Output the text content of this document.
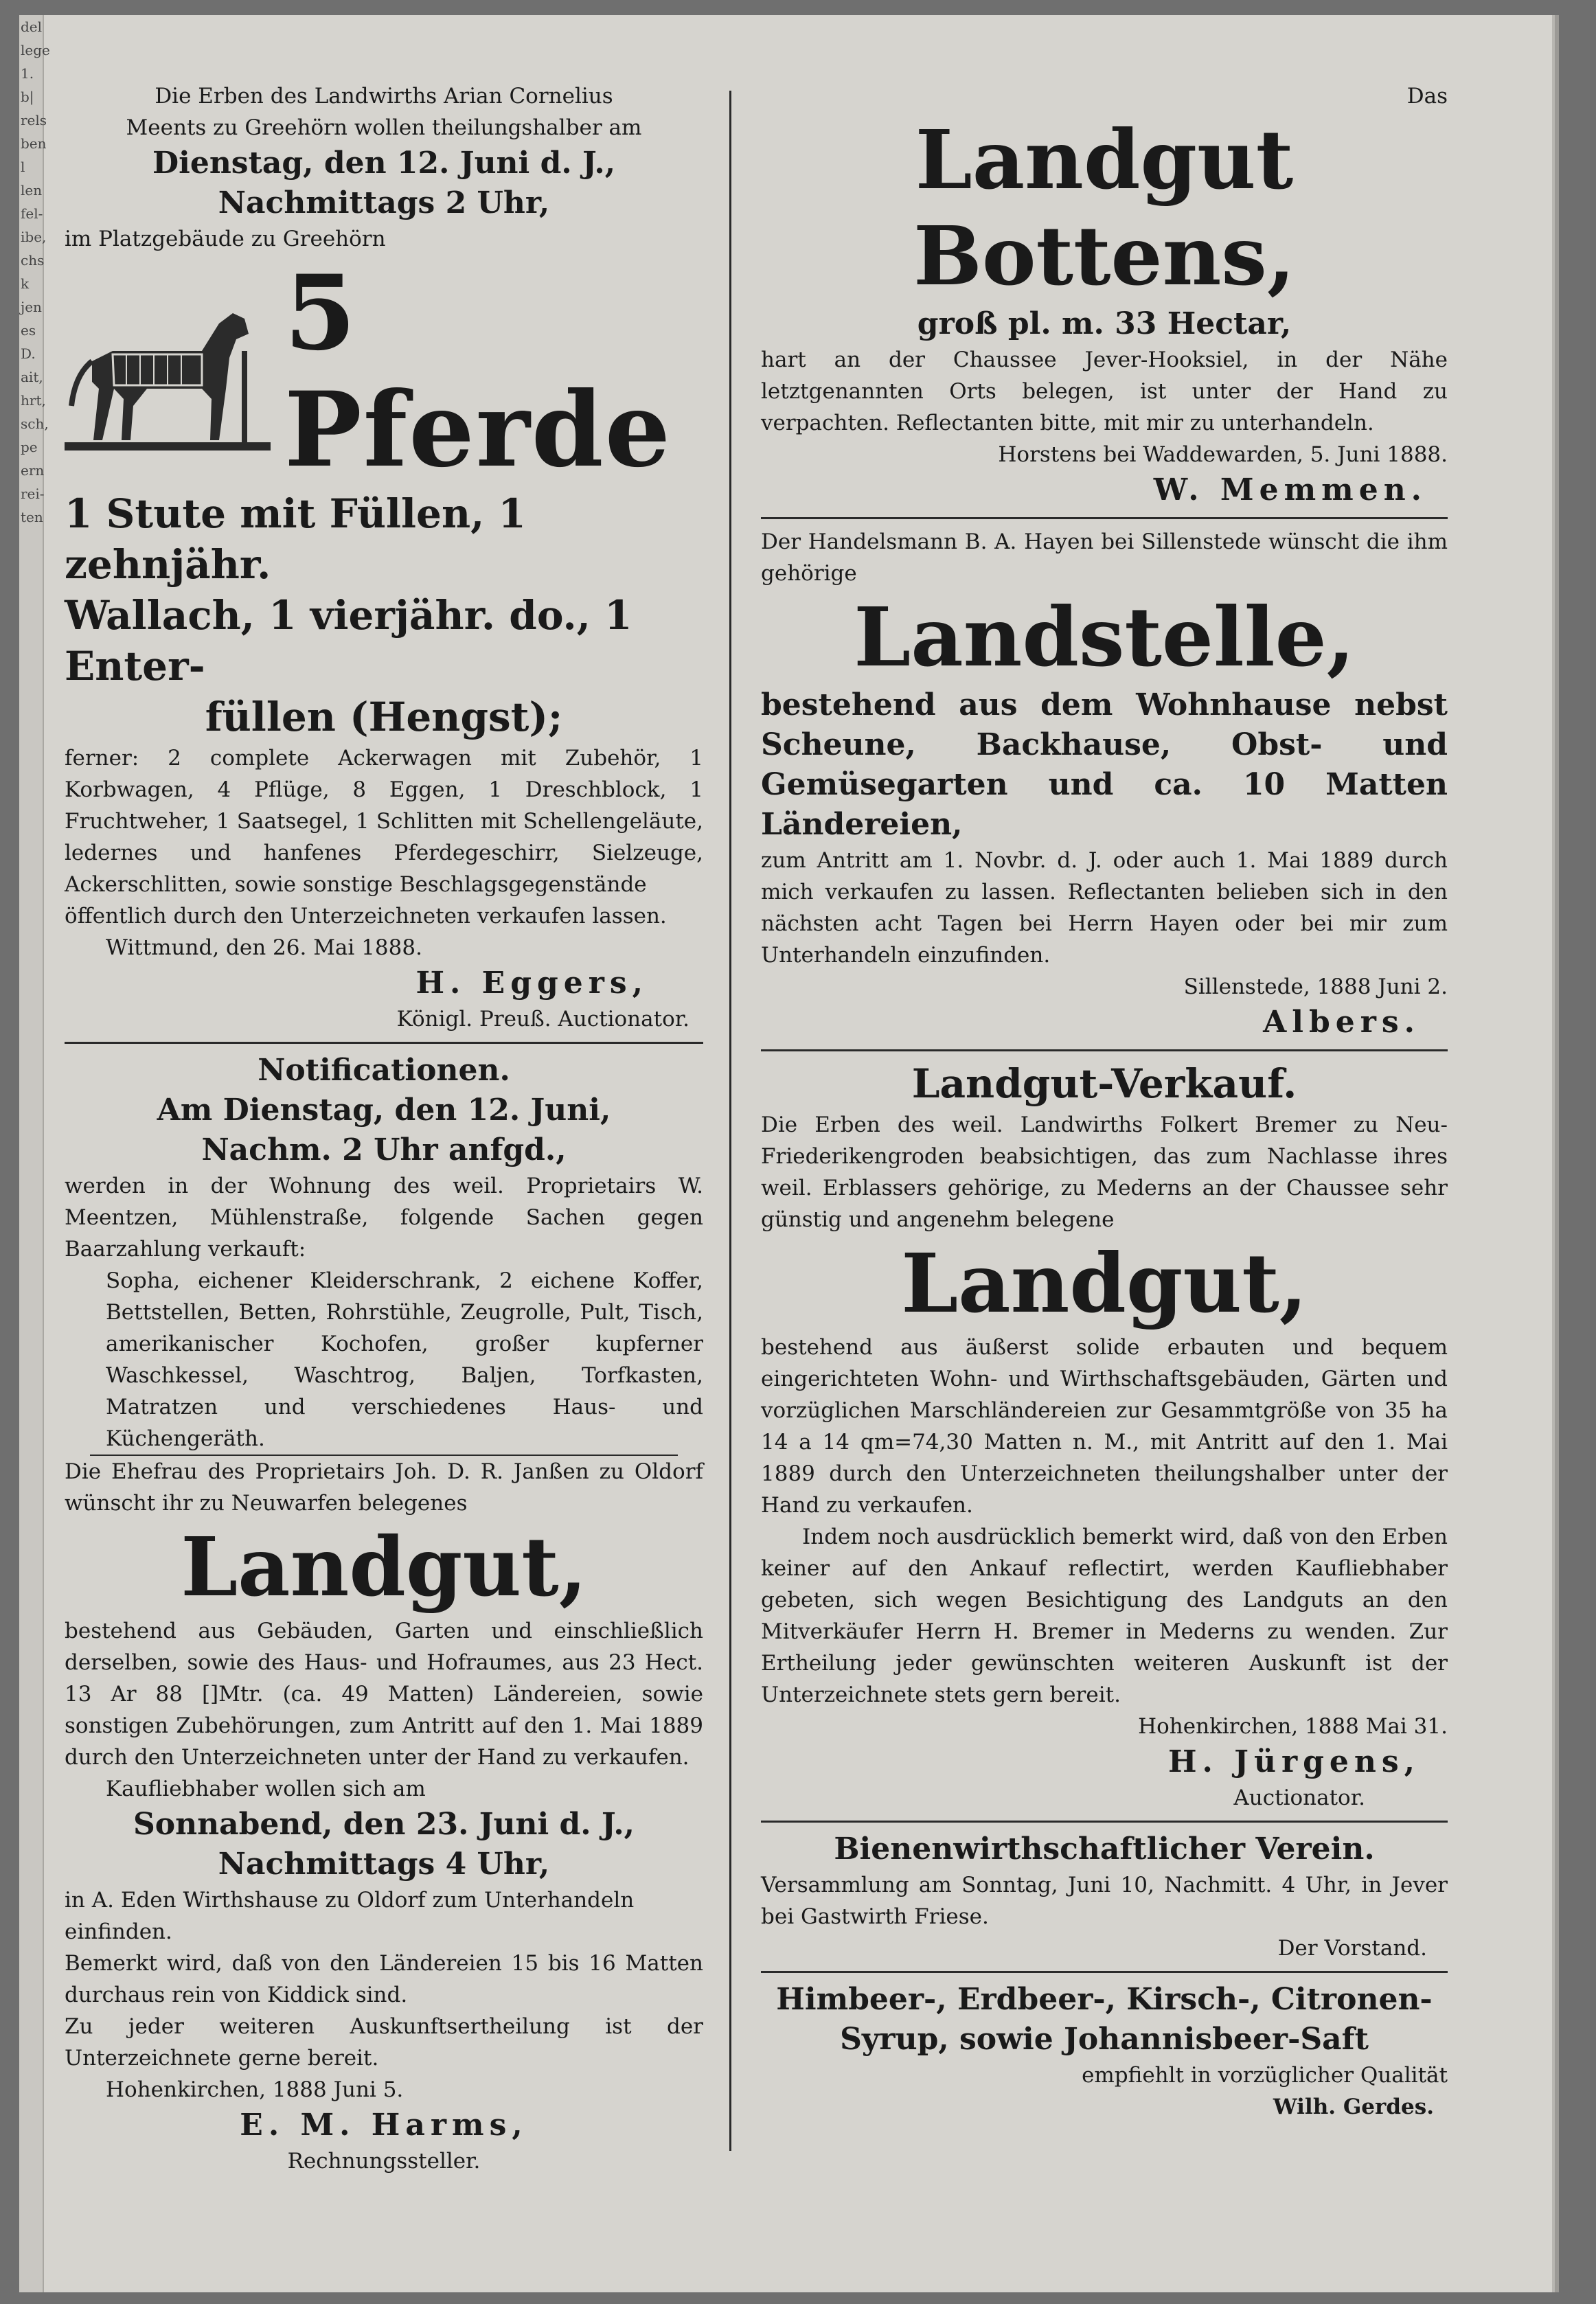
del
lege
1.
b|
rels
ben
l
len
fel-
ibe,
chs
k
jen
es
D.
ait,
hrt,
sch,
pe
ern
rei-
ten

Die Erben des Landwirths Arian Cornelius

Meents zu Greehörn wollen theilungshalber am

Dienstag, den 12. Juni d. J.,

Nachmittags 2 Uhr,

im Platzgebäude zu Greehörn

5 Pferde

1 Stute mit Füllen, 1 zehnjähr.

Wallach, 1 vierjähr. do., 1 Enter-

füllen (Hengst);

ferner: 2 complete Ackerwagen mit Zubehör, 1 Korbwagen, 4 Pflüge, 8 Eggen, 1 Dreschblock, 1 Fruchtweher, 1 Saatsegel, 1 Schlitten mit Schellengeläute, ledernes und hanfenes Pferdegeschirr, Sielzeuge, Ackerschlitten, sowie sonstige Beschlagsgegenstände

öffentlich durch den Unterzeichneten verkaufen lassen.

Wittmund, den 26. Mai 1888.

H. Eggers,

Königl. Preuß. Auctionator.

Notificationen.

Am Dienstag, den 12. Juni,

Nachm. 2 Uhr anfgd.,

werden in der Wohnung des weil. Proprietairs W. Meentzen, Mühlenstraße, folgende Sachen gegen Baarzahlung verkauft:

Sopha, eichener Kleiderschrank, 2 eichene Koffer, Bettstellen, Betten, Rohrstühle, Zeugrolle, Pult, Tisch, amerikanischer Kochofen, großer kupferner Waschkessel, Waschtrog, Baljen, Torfkasten, Matratzen und verschiedenes Haus- und Küchengeräth.

Die Ehefrau des Proprietairs Joh. D. R. Janßen zu Oldorf wünscht ihr zu Neuwarfen belegenes

Landgut,

bestehend aus Gebäuden, Garten und einschließlich derselben, sowie des Haus- und Hofraumes, aus 23 Hect. 13 Ar 88 []Mtr. (ca. 49 Matten) Ländereien, sowie sonstigen Zubehörungen, zum Antritt auf den 1. Mai 1889 durch den Unterzeichneten unter der Hand zu verkaufen.

Kaufliebhaber wollen sich am

Sonnabend, den 23. Juni d. J.,

Nachmittags 4 Uhr,

in A. Eden Wirthshause zu Oldorf zum Unterhandeln einfinden.

Bemerkt wird, daß von den Ländereien 15 bis 16 Matten durchaus rein von Kiddick sind.

Zu jeder weiteren Auskunftsertheilung ist der Unterzeichnete gerne bereit.

Hohenkirchen, 1888 Juni 5.

E. M. Harms,

Rechnungssteller.

Das

Landgut Bottens,

groß pl. m. 33 Hectar,

hart an der Chaussee Jever-Hooksiel, in der Nähe letztgenannten Orts belegen, ist unter der Hand zu verpachten. Reflectanten bitte, mit mir zu unterhandeln.

Horstens bei Waddewarden, 5. Juni 1888.

W. Memmen.

Der Handelsmann B. A. Hayen bei Sillenstede wünscht die ihm gehörige

Landstelle,

bestehend aus dem Wohnhause nebst Scheune, Backhause, Obst- und Gemüsegarten und ca. 10 Matten Ländereien,

zum Antritt am 1. Novbr. d. J. oder auch 1. Mai 1889 durch mich verkaufen zu lassen. Reflectanten belieben sich in den nächsten acht Tagen bei Herrn Hayen oder bei mir zum Unterhandeln einzufinden.

Sillenstede, 1888 Juni 2.

Albers.

Landgut-Verkauf.

Die Erben des weil. Landwirths Folkert Bremer zu Neu-Friederikengroden beabsichtigen, das zum Nachlasse ihres weil. Erblassers gehörige, zu Mederns an der Chaussee sehr günstig und angenehm belegene

Landgut,

bestehend aus äußerst solide erbauten und bequem eingerichteten Wohn- und Wirthschaftsgebäuden, Gärten und vorzüglichen Marschländereien zur Gesammtgröße von 35 ha 14 a 14 qm=74,30 Matten n. M., mit Antritt auf den 1. Mai 1889 durch den Unterzeichneten theilungshalber unter der Hand zu verkaufen.

Indem noch ausdrücklich bemerkt wird, daß von den Erben keiner auf den Ankauf reflectirt, werden Kaufliebhaber gebeten, sich wegen Besichtigung des Landguts an den Mitverkäufer Herrn H. Bremer in Mederns zu wenden. Zur Ertheilung jeder gewünschten weiteren Auskunft ist der Unterzeichnete stets gern bereit.

Hohenkirchen, 1888 Mai 31.

H. Jürgens,

Auctionator.

Bienenwirthschaftlicher Verein.

Versammlung am Sonntag, Juni 10, Nachmitt. 4 Uhr, in Jever bei Gastwirth Friese.

Der Vorstand.

Himbeer-, Erdbeer-, Kirsch-, Citronen-

Syrup, sowie Johannisbeer-Saft

empfiehlt in vorzüglicher Qualität

Wilh. Gerdes.
